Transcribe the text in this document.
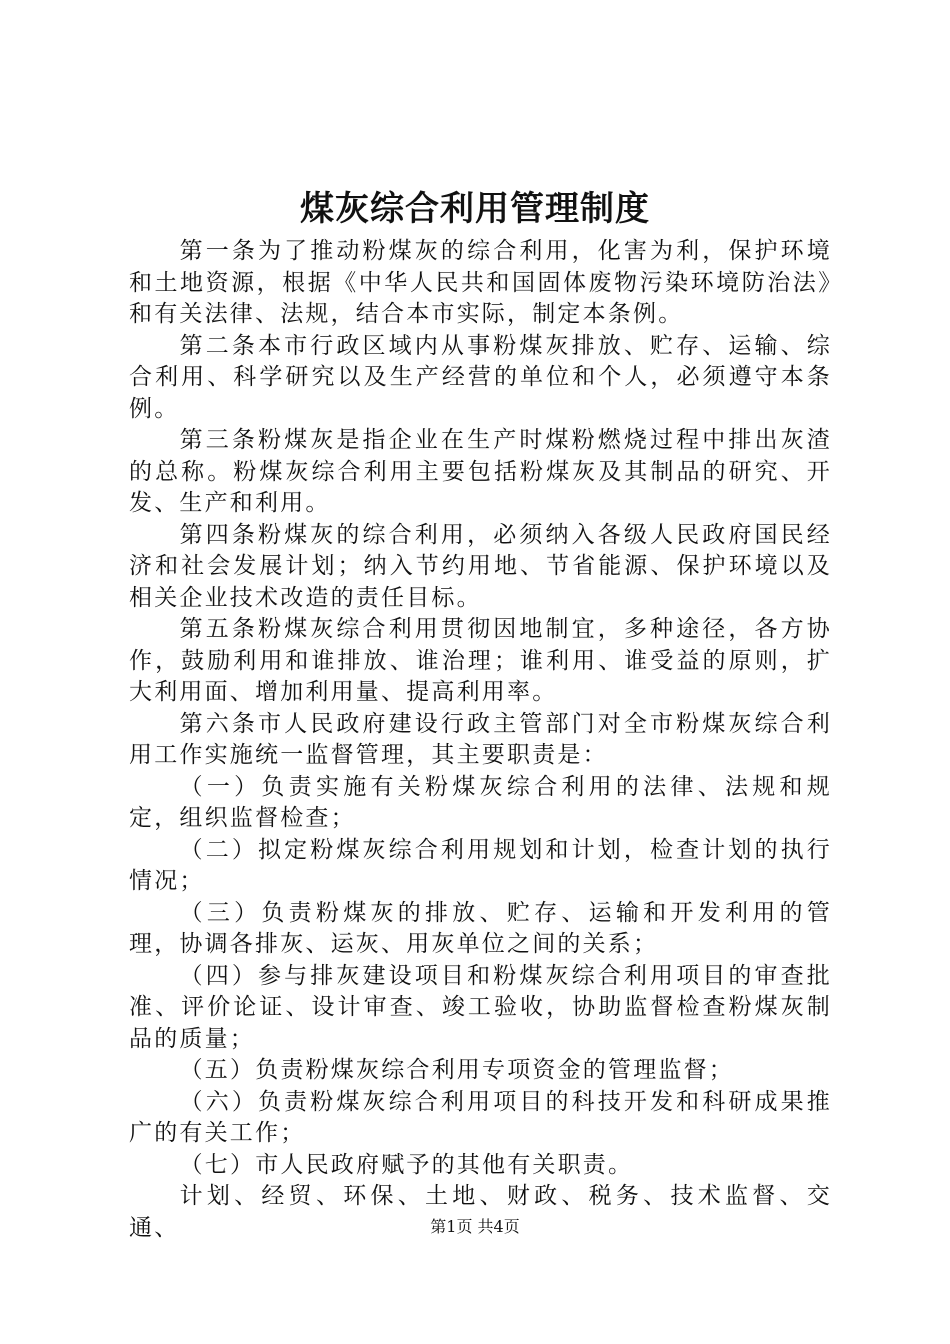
煤灰综合利用管理制度

第一条为了推动粉煤灰的综合利用，化害为利，保护环境和土地资源，根据《中华人民共和国固体废物污染环境防治法》和有关法律、法规，结合本市实际，制定本条例。

第二条本市行政区域内从事粉煤灰排放、贮存、运输、综合利用、科学研究以及生产经营的单位和个人，必须遵守本条例。

第三条粉煤灰是指企业在生产时煤粉燃烧过程中排出灰渣的总称。粉煤灰综合利用主要包括粉煤灰及其制品的研究、开发、生产和利用。

第四条粉煤灰的综合利用，必须纳入各级人民政府国民经济和社会发展计划；纳入节约用地、节省能源、保护环境以及相关企业技术改造的责任目标。

第五条粉煤灰综合利用贯彻因地制宜，多种途径，各方协作，鼓励利用和谁排放、谁治理；谁利用、谁受益的原则，扩大利用面、增加利用量、提高利用率。

第六条市人民政府建设行政主管部门对全市粉煤灰综合利用工作实施统一监督管理，其主要职责是：

（一）负责实施有关粉煤灰综合利用的法律、法规和规定，组织监督检查；

（二）拟定粉煤灰综合利用规划和计划，检查计划的执行情况；

（三）负责粉煤灰的排放、贮存、运输和开发利用的管理，协调各排灰、运灰、用灰单位之间的关系；

（四）参与排灰建设项目和粉煤灰综合利用项目的审查批准、评价论证、设计审查、竣工验收，协助监督检查粉煤灰制品的质量；

（五）负责粉煤灰综合利用专项资金的管理监督；

（六）负责粉煤灰综合利用项目的科技开发和科研成果推广的有关工作；

（七）市人民政府赋予的其他有关职责。

计划、经贸、环保、土地、财政、税务、技术监督、交通、	第1页 共4页
